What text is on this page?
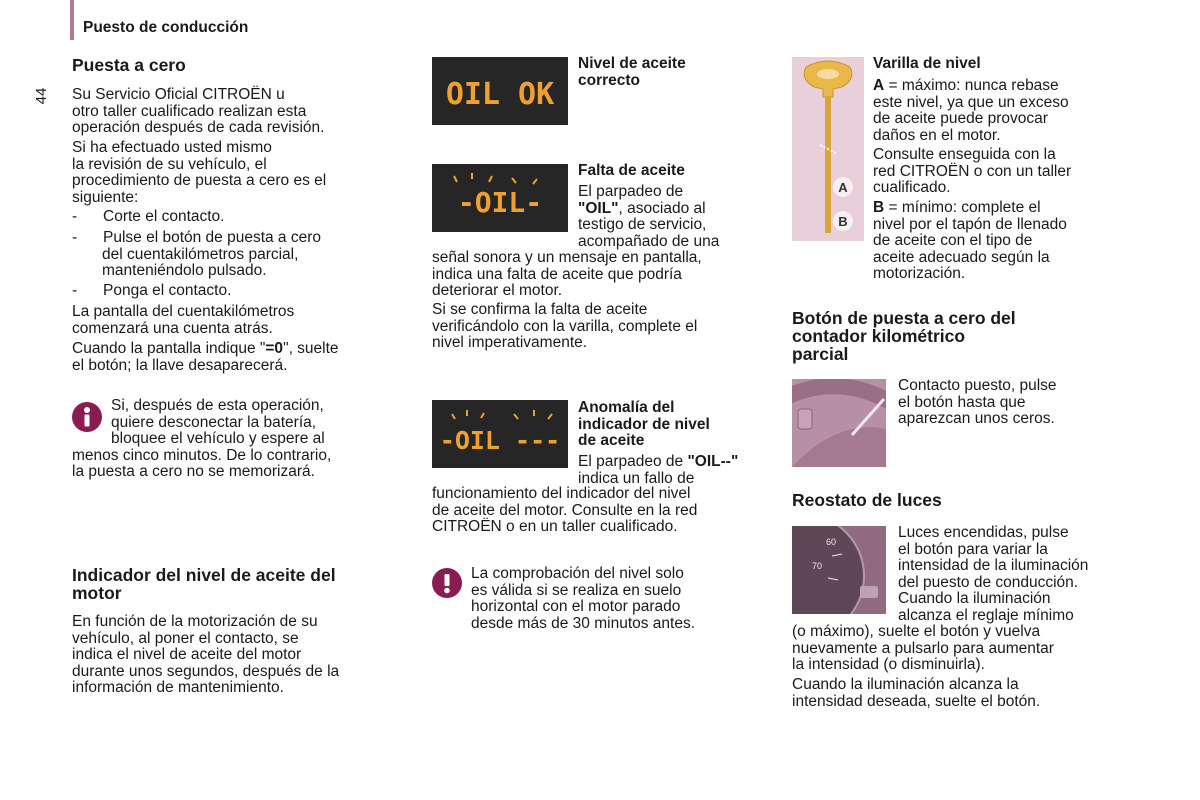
Puesto de conducción
44
Puesta a cero

Su Servicio Oficial CITROËN u
otro taller cualificado realizan esta
operación después de cada revisión.

Si ha efectuado usted mismo
la revisión de su vehículo, el
procedimiento de puesta a cero es el
siguiente:

-      Corte el contacto.

-      Pulse el botón de puesta a cero
del cuentakilómetros parcial,
manteniéndolo pulsado.

-      Ponga el contacto.

La pantalla del cuentakilómetros
comenzará una cuenta atrás.

Cuando la pantalla indique "=0", suelte
el botón; la llave desaparecerá.

Si, después de esta operación,
quiere desconectar la batería,
bloquee el vehículo y espere al
menos cinco minutos. De lo contrario,
la puesta a cero no se memorizará.

Indicador del nivel de aceite del
motor

En función de la motorización de su
vehículo, al poner el contacto, se
indica el nivel de aceite del motor
durante unos segundos, después de la
información de mantenimiento.

OIL OK

Nivel de aceite
correcto

-OIL-

Falta de aceite

El parpadeo de
"OIL", asociado al
testigo de servicio,
acompañado de una

señal sonora y un mensaje en pantalla,
indica una falta de aceite que podría
deteriorar el motor.

Si se confirma la falta de aceite
verificándolo con la varilla, complete el
nivel imperativamente.

-OIL ---

Anomalía del
indicador de nivel
de aceite

El parpadeo de "OIL--"
indica un fallo de

funcionamiento del indicador del nivel
de aceite del motor. Consulte en la red
CITROËN o en un taller cualificado.

La comprobación del nivel solo
es válida si se realiza en suelo
horizontal con el motor parado
desde más de 30 minutos antes.

A
B

Varilla de nivel

A = máximo: nunca rebase
este nivel, ya que un exceso
de aceite puede provocar
daños en el motor.

Consulte enseguida con la
red CITROËN o con un taller
cualificado.

B = mínimo: complete el
nivel por el tapón de llenado
de aceite con el tipo de
aceite adecuado según la
motorización.

Botón de puesta a cero del
contador kilométrico
parcial

Contacto puesto, pulse
el botón hasta que
aparezcan unos ceros.

Reostato de luces
60
70

Luces encendidas, pulse
el botón para variar la
intensidad de la iluminación
del puesto de conducción.
Cuando la iluminación
alcanza el reglaje mínimo

(o máximo), suelte el botón y vuelva
nuevamente a pulsarlo para aumentar
la intensidad (o disminuirla).

Cuando la iluminación alcanza la
intensidad deseada, suelte el botón.
